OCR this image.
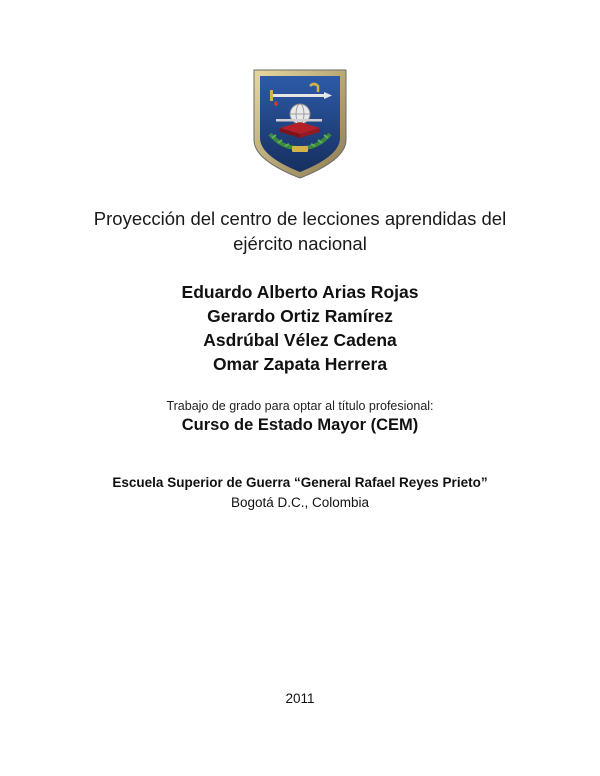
Proyección del centro de lecciones aprendidas del
ejército nacional
Eduardo Alberto Arias Rojas
Gerardo Ortiz Ramírez
Asdrúbal Vélez Cadena
Omar Zapata Herrera
Trabajo de grado para optar al título profesional:
Curso de Estado Mayor (CEM)
Escuela Superior de Guerra “General Rafael Reyes Prieto”
Bogotá D.C., Colombia
2011
